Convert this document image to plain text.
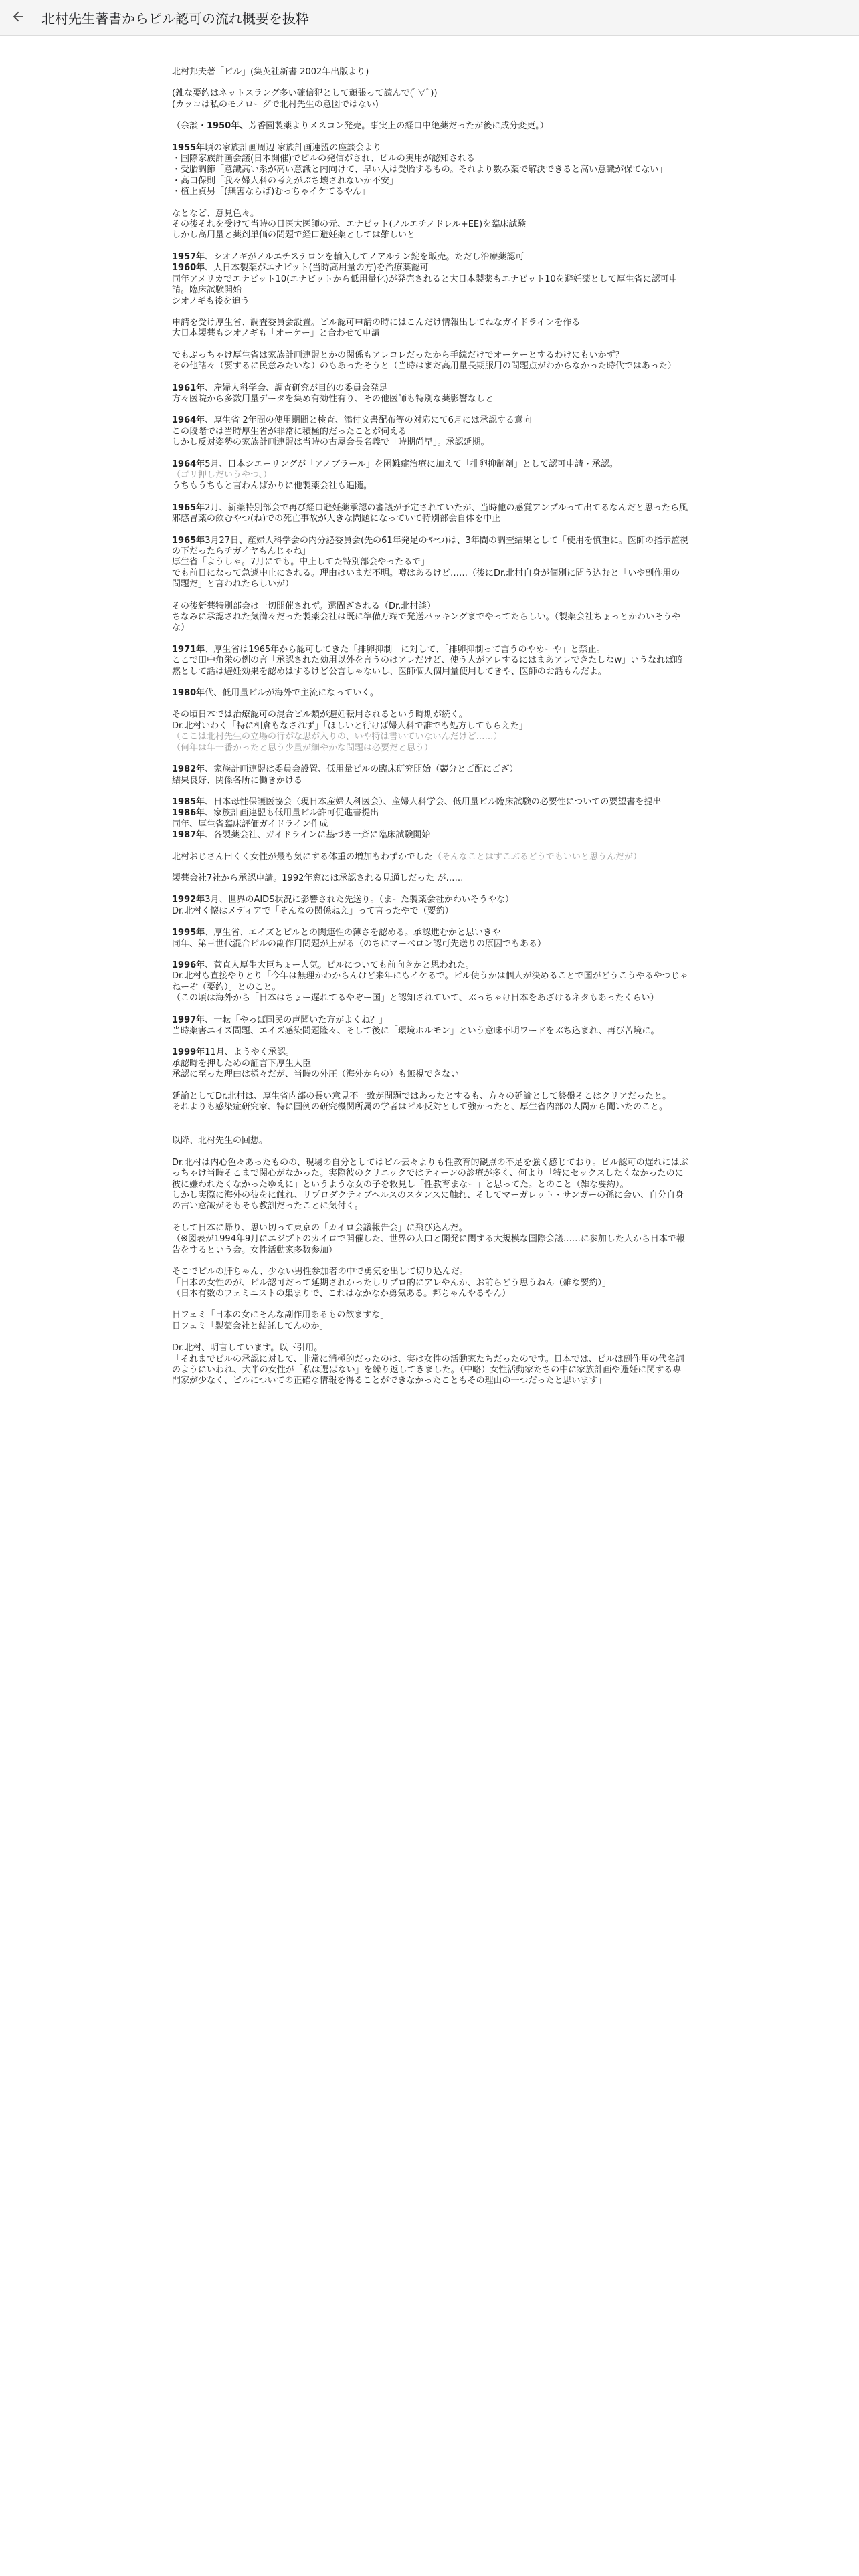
北村先生著書からピル認可の流れ概要を抜粋

北村邦夫著「ピル」(集英社新書 2002年出版より)

(雑な要約はネットスラング多い確信犯として頑張って読んで(ﾟ∀ﾟ))
(カッコは私のモノローグで北村先生の意図ではない)

（余談・1950年、芳香園製薬よりメスコン発売。事実上の経口中絶薬だったが後に成分変更。）

1955年頃の家族計画周辺 家族計画連盟の座談会より
・国際家族計画会議(日本開催)でピルの発信がされ、ピルの実用が認知される
・受胎調節「意識高い系が高い意識と内向けて、早い人は受胎するもの。それより数み薬で解決できると高い意識が保てない」
・高口保則「我々婦人科の考えがぶち壊されないか不安」
・植上貞男「(無害ならば)むっちゃイケてるやん」

なとなど、意見色々。
その後それを受けて当時の日医大医師の元、エナビット(ノルエチノドレル+EE)を臨床試験
しかし高用量と薬剤単価の問題で経口避妊薬としては難しいと

1957年、シオノギがノルエチステロンを輸入してノアルテン錠を販売。ただし治療薬認可
1960年、大日本製薬がエナビット(当時高用量の方)を治療薬認可
同年アメリカでエナビット10(エナビットから低用量化)が発売されると大日本製薬もエナビット10を避妊薬として厚生省に認可申請。臨床試験開始
シオノギも後を追う

申請を受け厚生省、調査委員会設置。ピル認可申請の時にはこんだけ情報出してねなガイドラインを作る
大日本製薬もシオノギも「オーケー」と合わせて申請

でもぶっちゃけ厚生省は家族計画連盟とかの関係もアレコレだったから手続だけでオーケーとするわけにもいかず？
その他諸々（要するに民意みたいな）のもあったそうと（当時はまだ高用量長期服用の問題点がわからなかった時代ではあった）

1961年、産婦人科学会、調査研究が目的の委員会発足
方々医院から多数用量データを集め有効性有り、その他医師も特別な薬影響なしと

1964年、厚生省 2年間の使用期間と検査、添付文書配布等の対応にて6月には承認する意向
この段階では当時厚生省が非常に積極的だったことが伺える
しかし反対姿勢の家族計画連盟は当時の古屋会長名義で「時期尚早」。承認延期。

1964年5月、日本シエーリングが「アノブラール」を困難症治療に加えて「排卵抑制剤」として認可申請・承認。
（ゴリ押しだいうやつ、）
うちもうちもと言わんばかりに他製薬会社も追随。

1965年2月、新薬特別部会で再び経口避妊薬承認の審議が予定されていたが、当時他の感覚アンプルって出てるなんだと思ったら風邪感冒薬の飲むやつ(ね)での死亡事故が大きな問題になっていて特別部会自体を中止

1965年3月27日、産婦人科学会の内分泌委員会(先の61年発足のやつ)は、3年間の調査結果として「使用を慎重に。医師の指示監視の下だったらチガイヤもんじゃね」
厚生省「ようしゃ。7月にでも。中止してた特別部会やったるで」
でも前日になって急遽中止にされる。理由はいまだ不明。噂はあるけど……（後にDr.北村自身が個別に問う込むと「いや副作用の問題だ」と言われたらしいが）

その後新薬特別部会は一切開催されず。還間ざされる（Dr.北村談）
ちなみに承認された気満々だった製薬会社は既に準備万端で発送パッキングまでやってたらしい。（製薬会社ちょっとかわいそうやな）

1971年、厚生省は1965年から認可してきた「排卵抑制」に対して、「排卵抑制って言うのやめーや」と禁止。
ここで田中角栄の例の言「承認された効用以外を言うのはアレだけど、使う人がアレするにはまあアレできたしなw」いうなれば暗黙として話は避妊効果を認めはするけど公言しゃないし、医師個人個用量使用してきや、医師のお話もんだよ。

1980年代、低用量ピルが海外で主流になっていく。

その頃日本では治療認可の混合ピル類が避妊転用されるという時期が続く。
Dr.北村いわく「特に相倉もなされず」「ほしいと行けば婦人科で誰でも処方してもらえた」
（ここは北村先生の立場の行がな思が入りの、いや特は書いていないんだけど……）
（何年は年一番かったと思う少量が細やかな問題は必要だと思う）

1982年、家族計画連盟は委員会設置、低用量ピルの臨床研究開始（競分とご配にござ）
結果良好、関係各所に働きかける

1985年、日本母性保護医協会（現日本産婦人科医会）、産婦人科学会、低用量ピル臨床試験の必要性についての要望書を提出
1986年、家族計画連盟も低用量ピル許可促進書提出
同年、厚生省臨床評価ガイドライン作成
1987年、各製薬会社、ガイドラインに基づき一斉に臨床試験開始

北村おじさん曰くく女性が最も気にする体重の増加もわずかでした（そんなことはすこぶるどうでもいいと思うんだが）

製薬会社7社から承認申請。1992年窓には承認される見通しだった が……

1992年3月、世界のAIDS状況に影響された先送り。（まーた製薬会社かわいそうやな）
Dr.北村く懐はメディアで「そんなの関係ねえ」って言ったやで（要約）

1995年、厚生省、エイズとピルとの関連性の薄さを認める。承認進むかと思いきや
同年、第三世代混合ピルの副作用問題が上がる（のちにマーベロン認可先送りの原因でもある）

1996年、菅直人厚生大臣ちょー人気。ピルについても前向きかと思われた。
Dr.北村も直接やりとり「今年は無理かわからんけど来年にもイケるで。ピル使うかは個人が決めることで国がどうこうやるやつじゃねーぞ（要約）」とのこと。
（この頃は海外から「日本はちょー遅れてるやぞー国」と認知されていて、ぶっちゃけ日本をあざけるネタもあったくらい）

1997年、一転「やっぱ国民の声聞いた方がよくね？」
当時薬害エイズ問題、エイズ感染問題隆々、そして後に「環境ホルモン」という意味不明ワードをぶち込まれ、再び苦境に。

1999年11月、ようやく承認。
承認時を押しための証言下厚生大臣
承認に至った理由は様々だが、当時の外圧（海外からの）も無視できない

延論としてDr.北村は、厚生省内部の長い意見不一致が問題ではあったとするも、方々の延論として終盤そこはクリアだったと。
それよりも感染症研究家、特に国例の研究機関所属の学者はピル反対として強かったと、厚生省内部の人間から聞いたのこと。

以降、北村先生の回想。

Dr.北村は内心色々あったものの、現場の自分としてはピル云々よりも性教育的観点の不足を強く感じており。ピル認可の遅れにはぶっちゃけ当時そこまで関心がなかった。実際彼のクリニックではティーンの診療が多く、何より「特にセックスしたくなかったのに彼に嫌われたくなかったゆえに」というような女の子を救見し「性教育まなー」と思ってた。とのこと（雑な要約）。
しかし実際に海外の彼をに触れ、リプロダクティブヘルスのスタンスに触れ、そしてマーガレット・サンガーの孫に会い、自分自身の古い意識がそもそも教訓だったことに気付く。

そして日本に帰り、思い切って東京の「カイロ会議報告会」に飛び込んだ。
（※図表が1994年9月にエジプトのカイロで開催した、世界の人口と開発に関する大規模な国際会議……に参加した人から日本で報告をするという会。女性活動家多数参加）

そこでピルの肝ちゃん、少ない男性参加者の中で勇気を出して切り込んだ。
「日本の女性のが、ピル認可だって延期されかったしリプロ的にアレやんか、お前らどう思うねん（雑な要約）」
（日本有数のフェミニストの集まりで、これはなかなか勇気ある。邦ちゃんやるやん）

日フェミ「日本の女にそんな副作用あるもの飲ますな」
日フェミ「製薬会社と結託してんのか」

Dr.北村、明言しています。以下引用。
「それまでピルの承認に対して、非常に消極的だったのは、実は女性の活動家たちだったのです。日本では、ピルは副作用の代名詞のようにいわれ、大半の女性が「私は選ばない」を繰り返してきました。（中略）女性活動家たちの中に家族計画や避妊に関する専門家が少なく、ピルについての正確な情報を得ることができなかったこともその理由の一つだったと思います」
